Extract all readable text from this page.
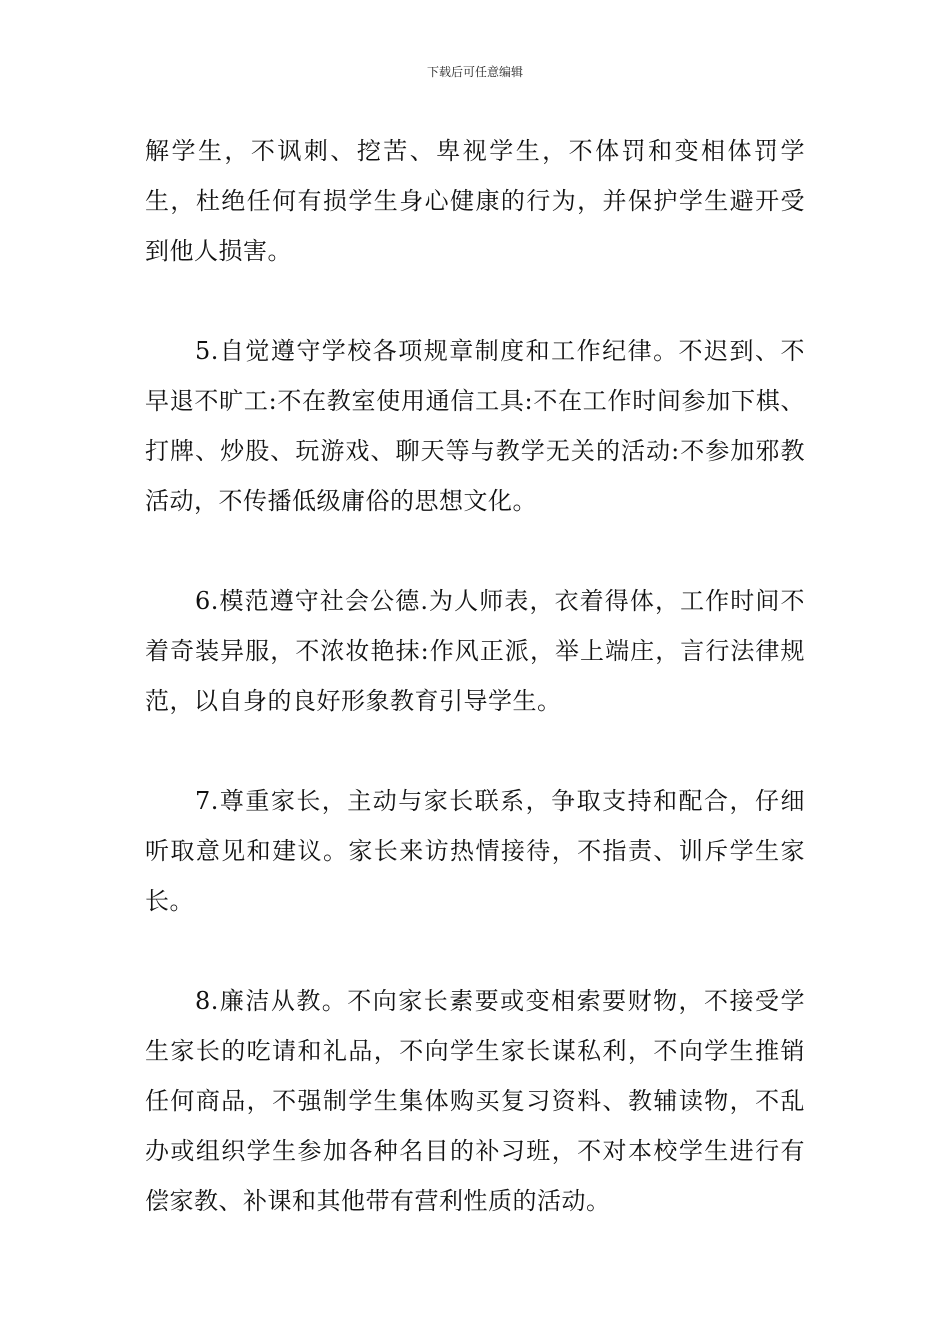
下载后可任意编辑

解学生，不讽刺、挖苦、卑视学生，不体罚和变相体罚学生，杜绝任何有损学生身心健康的行为，并保护学生避开受到他人损害。

5.自觉遵守学校各项规章制度和工作纪律。不迟到、不早退不旷工:不在教室使用通信工具:不在工作时间参加下棋、打牌、炒股、玩游戏、聊天等与教学无关的活动:不参加邪教活动，不传播低级庸俗的思想文化。

6.模范遵守社会公德.为人师表，衣着得体，工作时间不着奇装异服，不浓妆艳抹:作风正派，举上端庄，言行法律规范，以自身的良好形象教育引导学生。

7.尊重家长，主动与家长联系，争取支持和配合，仔细听取意见和建议。家长来访热情接待，不指责、训斥学生家长。

8.廉洁从教。不向家长素要或变相索要财物，不接受学生家长的吃请和礼品，不向学生家长谋私利，不向学生推销任何商品，不强制学生集体购买复习资料、教辅读物，不乱办或组织学生参加各种名目的补习班，不对本校学生进行有偿家教、补课和其他带有营利性质的活动。
